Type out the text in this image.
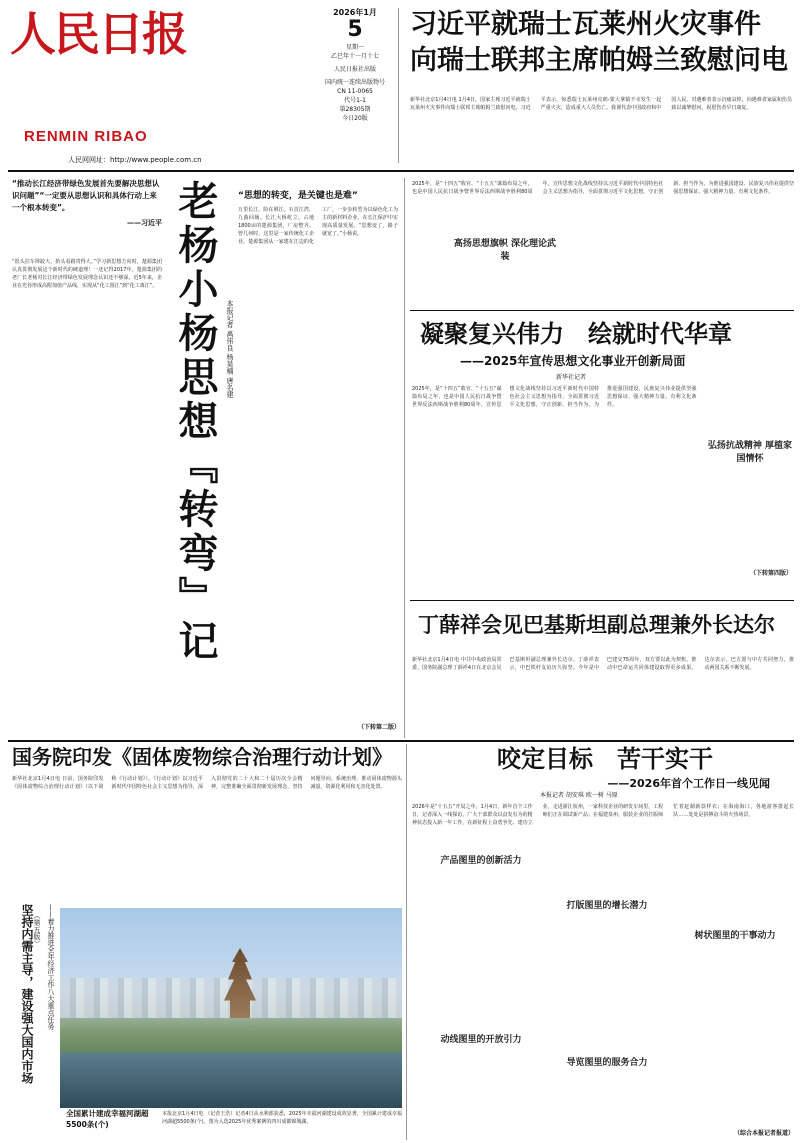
人民日报
RENMIN RIBAO
人民网网址：http://www.people.com.cn
2026年1月
5
星期一
乙巳年十一月十七
人民日报社出版
国内统一连续出版物号
CN 11-0065
代号1-1
第28305期
今日20版
习近平就瑞士瓦莱州火灾事件
向瑞士联邦主席帕姆兰致慰问电
新华社北京1月4日电 1月4日，国家主席习近平就瑞士瓦莱州火灾事件向瑞士联邦主席帕姆兰致慰问电。习近平表示，惊悉瑞士瓦莱州克朗-蒙大拿镇不幸发生一起严重火灾，造成重大人员伤亡。我谨代表中国政府和中国人民，对遇难者表示沉痛哀悼，向遇难者家属和伤员致以诚挚慰问，祝愿伤者早日康复。
“推动长江经济带绿色发展首先要解决思想认识问题”“一定要从思想认识和具体行动上来一个根本转变”。
——习近平
“很头拉车摔跤大，抬头看路贵得大。”学习新思想方向时，楚源集团认真贯彻发展这个新时代的硬道理！一还记得2017年，楚源集团的老厂长老杨对长江经济带绿色发展理念认识还不够深。近5年来，企业在光谷形成高附加值产品线，实现从“化工围江”到“化工离江”。 老杨小杨思想『转弯』记	本报记者 禹伟良 杨昊楠 唐名建
“思想的转变，是关键也是难”
万里长江，险在荆江。石首江湾，九曲回肠。长江大桥屹立，占地1800亩的楚源集团，厂房整齐。曾几何时，这里是一家传统化工企业。楚源集团从一家建在江边的化工厂，一步步转型为以绿色化工为主的新材料企业，在长江保护中实现高质量发展。“思想变了，路子就宽了。”小杨说。
（下转第二版）
2025年，是“十四五”收官、“十五五”谋篇布局之年，也是中国人民抗日战争暨世界反法西斯战争胜利80周年。宣传思想文化战线坚持以习近平新时代中国特色社会主义思想为指导，全面贯彻习近平文化思想，守正创新、担当作为，为推进强国建设、民族复兴伟业提供坚强思想保证、强大精神力量、有利文化条件。
高扬思想旗帜 深化理论武装
凝聚复兴伟力　绘就时代华章
——2025年宣传思想文化事业开创新局面
新华社记者
2025年，是“十四五”收官、“十五五”谋篇布局之年，也是中国人民抗日战争暨世界反法西斯战争胜利80周年。宣传思想文化战线坚持以习近平新时代中国特色社会主义思想为指导，全面贯彻习近平文化思想，守正创新、担当作为，为推进强国建设、民族复兴伟业提供坚强思想保证、强大精神力量、有利文化条件。
弘扬抗战精神 厚植家国情怀
（下转第四版）
丁薛祥会见巴基斯坦副总理兼外长达尔
新华社北京1月4日电 中共中央政治局常委、国务院副总理丁薛祥4日在北京会见巴基斯坦副总理兼外长达尔。丁薛祥表示，中巴铁杆友谊历久弥坚。今年是中巴建交75周年，双方要以此为契机，推动中巴命运共同体建设取得更多成果。达尔表示，巴方愿与中方共同努力，推动两国关系不断发展。
国务院印发《固体废物综合治理行动计划》
新华社北京1月4日电 日前，国务院印发《固体废物综合治理行动计划》（以下简称《行动计划》）。《行动计划》以习近平新时代中国特色社会主义思想为指导，深入贯彻党的二十大和二十届历次全会精神，完整准确全面贯彻新发展理念，坚持问题导向、系统治理，推动固体废物源头减量、资源化利用和无害化处置。
（第五版）
坚持内需主导，建设强大国内市场	——着力推进全年经济工作八大重点任务
全国累计建成幸福河湖超5500条(个)
本报北京1月4日电 （记者王浩）记者4日从水利部获悉，2025年幸福河湖建设成效显著，全国累计建成幸福河湖超5500条(个)。图为入选2025年优秀案例的四川成都锦城湖。
咬定目标　苦干实干
——2026年首个工作日一线见闻
本报记者 胡安琪 欧一树 马原
2026年是“十五五”开局之年。1月4日，新年首个工作日，记者深入一线探访，广大干部群众以奋发有为的精神状态投入新一年工作，在新征程上奋勇争先、建功立业。走进浙江杭州，一家科技企业的研发车间里，工程师们正在调试新产品；在福建泉州，服装企业的打版师忙着赶制新款样衣；在海南海口，各地游客排起长队……处处是拼搏奋斗的火热场景。
产品图里的创新活力
打版图里的增长潜力
动线图里的开放引力
导览图里的服务合力
树状图里的干事动力
（综合本报记者报道）
